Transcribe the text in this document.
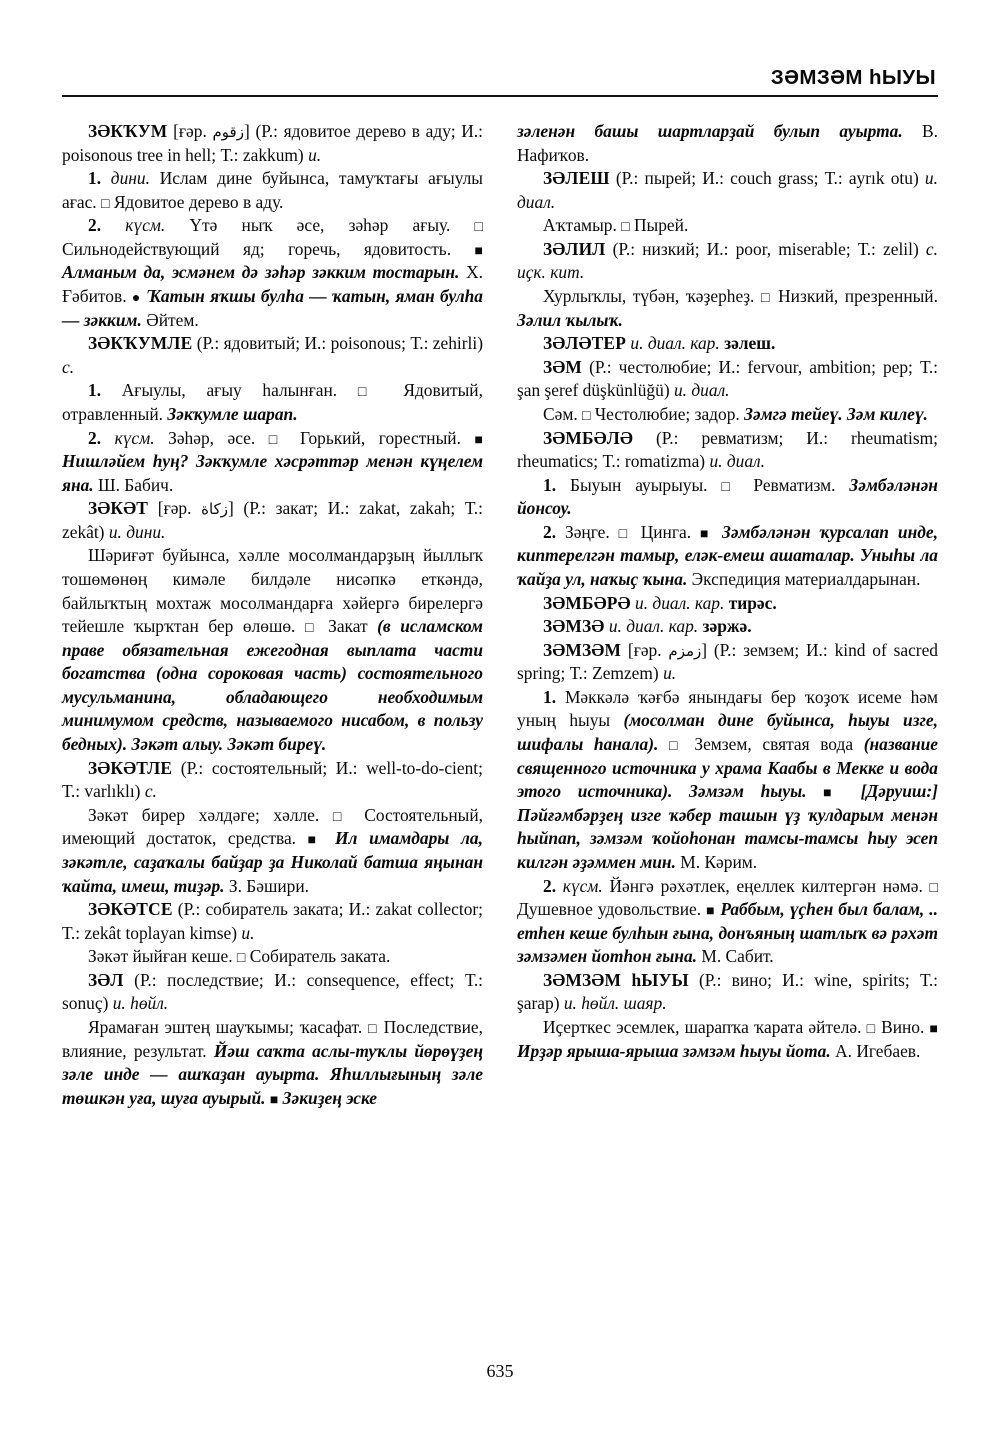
ЗӘМЗӘМ hЫУЫ

ЗӘКҠУМ [ғәр. زقوم] (Р.: ядовитое дерево в аду; И.: poisonous tree in hell; Т.: zakkum) и.

1. дини. Ислам дине буйынса, тамуҡтағы ағыулы ағас. □ Ядовитое дерево в аду.

2. күсм. Үтә ныҡ әсе, зәһәр ағыу. □ Сильнодействующий яд; горечь, ядовитость. ■ Алманым да, эсмәнем дә зәһәр зәкким тостарын. Х. Ғәбитов. ● Ҡатын яҡшы булһа — ҡатын, яман булһа — зәкким. Әйтем.

ЗӘКҠУМЛЕ (Р.: ядовитый; И.: poisonous; Т.: zehirli) с.

1. Ағыулы, ағыу һалынған. □	Ядовитый, отравленный. Зәкҡумле шарап.

2. күсм. Зәһәр, әсе. □	Горький, горестный. ■ Нишләйем һуң? Зәкҡумле хәсрәттәр менән күңелем яна. Ш. Бабич.

ЗӘКӘТ [ғәр. زكاة] (Р.: закат; И.: zakat, zakah; Т.: zekât) и. дини.

Шәриғәт буйынса, хәлле мосолмандарҙың йыллыҡ тошөмөнөң кимәле билдәле нисәпкә еткәндә, байлыҡтың мохтаж мосолмандарға хәйергә бирелергә тейешле ҡырҡтан бер өлөшө. □ Закат (в исламском праве обязательная ежегодная выплата части богатства (одна сороковая часть) состоятельного мусульманина, обладающего необходимым минимумом средств, называемого нисабом, в пользу бедных). Зәкәт алыу. Зәкәт биреү.

ЗӘКӘТЛЕ (Р.: состоятельный; И.: well-to-do-cient; Т.: varlıklı) с.

Зәкәт бирер хәлдәге; хәлле. □	Состоятельный, имеющий достаток, средства. ■ Ил имамдары ла, зәкәтле, саҙаҡалы байҙар ҙа Николай батша яңынан ҡайта, имеш, тиҙәр. З. Бәшири.

ЗӘКӘТСЕ (Р.: собиратель заката; И.: zakat collector; Т.: zekât toplayan kimse) и.

Зәкәт йыйған кеше. □ Собиратель заката.

ЗӘЛ (Р.: последствие; И.: consequence, effect; Т.: sonuç) и. һөйл.

Ярамаған эштең шауҡымы; ҡасафат. □ Последствие, влияние, результат. Йәш саҡта аслы-туҡлы йөрөүҙең зәле инде — ашҡаҙан ауырта. Яһиллығының зәле төшкән уға, шуға ауырый. ■ Зәкиҙең эске

зәленән башы шартларҙай булып ауырта. В. Нафиҡов.

ЗӘЛЕШ (Р.: пырей; И.: couch grass; Т.: ayrık otu) и. диал.

Аҡтамыр. □ Пырей.

ЗӘЛИЛ (Р.: низкий; И.: poor, miserable; Т.: zelil) с. иҫк. кит.

Хурлыҡлы, түбән, ҡәҙерһеҙ. □ Низкий, презренный. Зәлил ҡылыҡ.

ЗӘЛӘТЕР и. диал. кар. зәлеш.

ЗӘМ (Р.: честолюбие; И.: fervour, ambition; pep; Т.: şan şeref düşkünlüğü) и. диал.

Сәм. □ Честолюбие; задор. Зәмгә тейеү. Зәм килеү.

ЗӘМБӘЛӘ (Р.: ревматизм; И.: rheumatism; rheumatics; Т.: romatizma) и. диал.

1. Быуын ауырыуы. □	Ревматизм. Зәмбәләнән йонсоу.

2. Зәңге. □ Цинга. ■ Зәмбәләнән ҡурсалап инде, киптерелгән тамыр, еләк-емеш ашаталар. Уныһы ла ҡайҙа ул, наҡыҫ ҡына. Экспедиция материалдарынан.

ЗӘМБӘРӘ и. диал. кар. тирәс.

ЗӘМЗӘ и. диал. кар. зәржә.

ЗӘМЗӘМ [ғәр. زمزم] (Р.: земзем; И.: kind of sacred spring; Т.: Zemzem) и.

1. Мәккәлә ҡәғбә янындағы бер ҡоҙоҡ исеме һәм уның һыуы (мосолман дине буйынса, һыуы изге, шифалы һанала). □ Земзем, святая вода (название священного источника у храма Каабы в Мекке и вода этого источника). Зәмзәм һыуы. ■	[Дәруиш:] Пәйғәмбәрҙең изге ҡәбер ташын үҙ ҡулдарым менән һыйпап, зәмзәм ҡойоһонан тамсы-тамсы һыу эсеп килгән әҙәммен мин. М. Кәрим.

2. күсм. Йәнгә рәхәтлек, еңеллек килтергән нәмә. □ Душевное удовольствие. ■ Раббым, үҫһен был балам, .. етһен кеше булһын ғына, донъяның шатлыҡ вә рәхәт зәмзәмен йотһон ғына. М. Сабит.

ЗӘМЗӘМ hЫУЫ (Р.: вино; И.: wine, spirits; Т.: şarap) и. һөйл. шаяр.

Иҫерткес эсемлек, шарапҡа ҡарата әйтелә. □ Вино. ■ Ирҙәр ярыша-ярыша зәмзәм һыуы йота. А. Игебаев.

635
